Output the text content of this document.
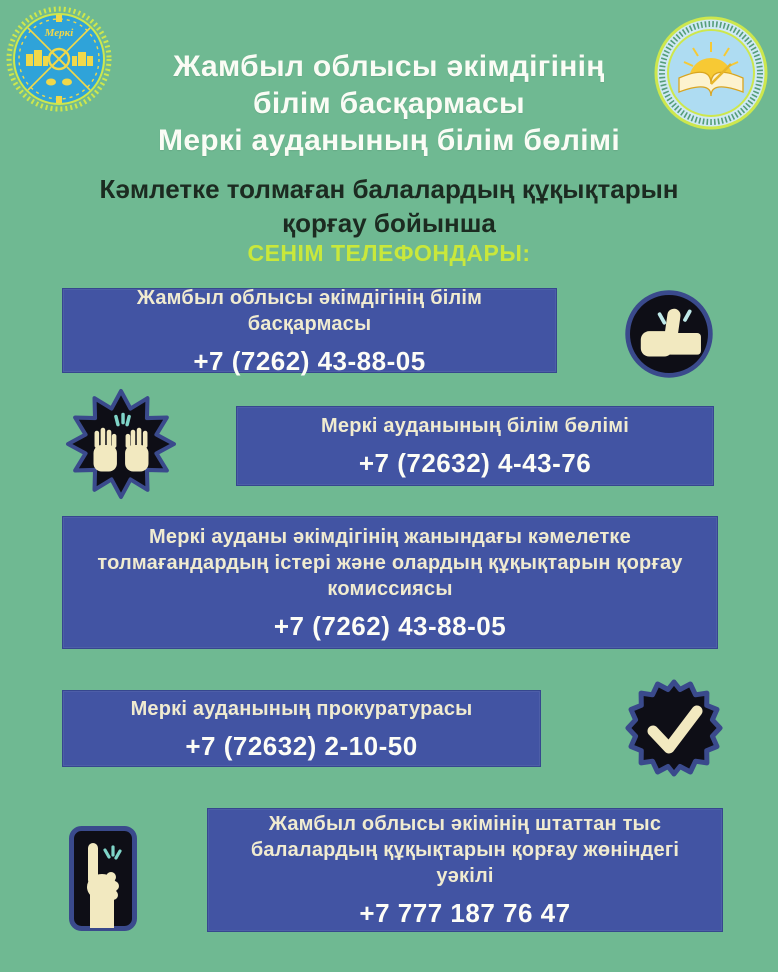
Меркі
Жамбыл облысы әкімдігінің
білім басқармасы
Меркі ауданының білім бөлімі
Кәмлетке толмаған балалардың құқықтарын
қорғау бойынша
СЕНІМ ТЕЛЕФОНДАРЫ:
Жамбыл облысы әкімдігінің білім басқармасы
+7 (7262) 43-88-05
Меркі ауданының білім бөлімі
+7 (72632) 4-43-76
Меркі ауданы әкімдігінің жанындағы кәмелетке толмағандардың істері және олардың құқықтарын қорғау комиссиясы
+7 (7262) 43-88-05
Меркі ауданының прокуратурасы
+7 (72632) 2-10-50
Жамбыл облысы әкімінің штаттан тыс балалардың құқықтарын қорғау жөніндегі уәкілі
+7 777 187 76 47
